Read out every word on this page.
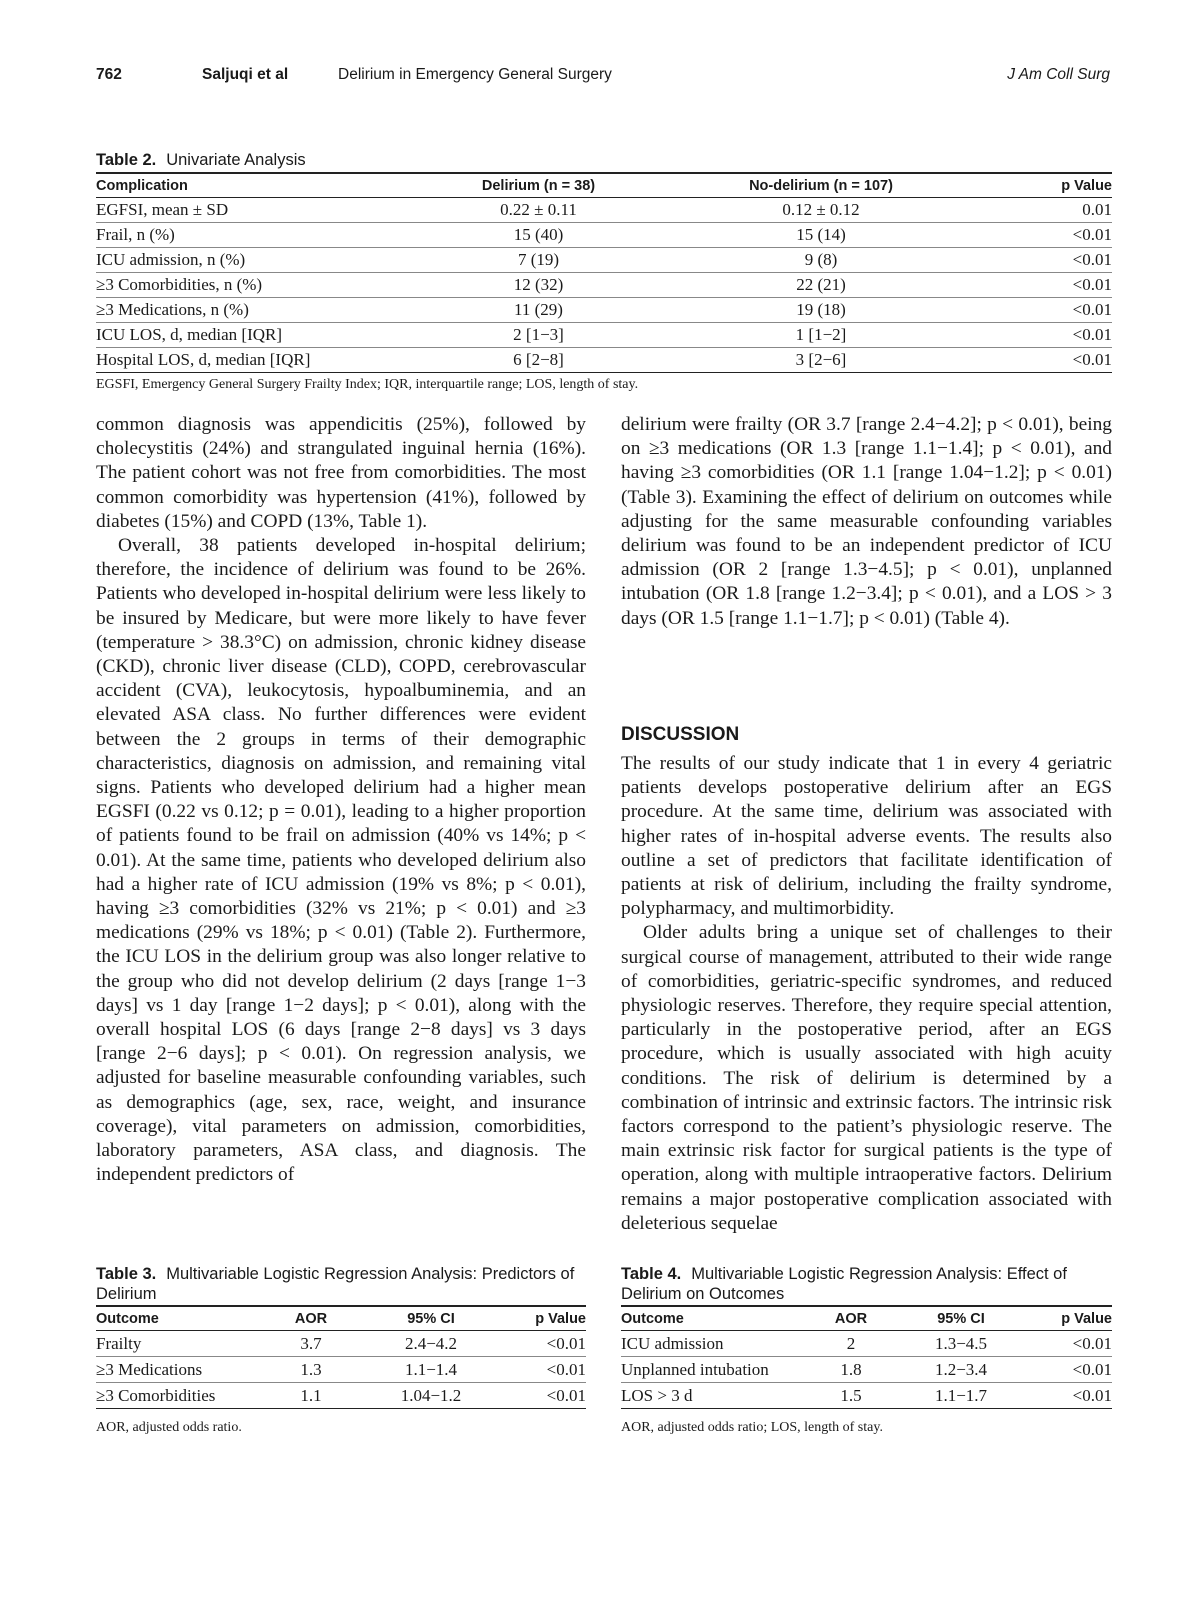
762	Saljuqi et al	Delirium in Emergency General Surgery	J Am Coll Surg
Table 2. Univariate Analysis
Complication	Delirium (n = 38)	No-delirium (n = 107)	p Value
EGFSI, mean ± SD	0.22 ± 0.11	0.12 ± 0.12	0.01
Frail, n (%)	15 (40)	15 (14)	<0.01
ICU admission, n (%)	7 (19)	9 (8)	<0.01
≥3 Comorbidities, n (%)	12 (32)	22 (21)	<0.01
≥3 Medications, n (%)	11 (29)	19 (18)	<0.01
ICU LOS, d, median [IQR]	2 [1−3]	1 [1−2]	<0.01
Hospital LOS, d, median [IQR]	6 [2−8]	3 [2−6]	<0.01
EGSFI, Emergency General Surgery Frailty Index; IQR, interquartile range; LOS, length of stay.

common diagnosis was appendicitis (25%), followed by cholecystitis (24%) and strangulated inguinal hernia (16%). The patient cohort was not free from comorbidities. The most common comorbidity was hypertension (41%), followed by diabetes (15%) and COPD (13%, Table 1).

Overall, 38 patients developed in-hospital delirium; therefore, the incidence of delirium was found to be 26%. Patients who developed in-hospital delirium were less likely to be insured by Medicare, but were more likely to have fever (temperature > 38.3°C) on admission, chronic kidney disease (CKD), chronic liver disease (CLD), COPD, cerebrovascular accident (CVA), leukocytosis, hypoalbuminemia, and an elevated ASA class. No further differences were evident between the 2 groups in terms of their demographic characteristics, diagnosis on admission, and remaining vital signs. Patients who developed delirium had a higher mean EGSFI (0.22 vs 0.12; p = 0.01), leading to a higher proportion of patients found to be frail on admission (40% vs 14%; p < 0.01). At the same time, patients who developed delirium also had a higher rate of ICU admission (19% vs 8%; p < 0.01), having ≥3 comorbidities (32% vs 21%; p < 0.01) and ≥3 medications (29% vs 18%; p < 0.01) (Table 2). Furthermore, the ICU LOS in the delirium group was also longer relative to the group who did not develop delirium (2 days [range 1−3 days] vs 1 day [range 1−2 days]; p < 0.01), along with the overall hospital LOS (6 days [range 2−8 days] vs 3 days [range 2−6 days]; p < 0.01). On regression analysis, we adjusted for baseline measurable confounding variables, such as demographics (age, sex, race, weight, and insurance coverage), vital parameters on admission, comorbidities, laboratory parameters, ASA class, and diagnosis. The independent predictors of

delirium were frailty (OR 3.7 [range 2.4−4.2]; p < 0.01), being on ≥3 medications (OR 1.3 [range 1.1−1.4]; p < 0.01), and having ≥3 comorbidities (OR 1.1 [range 1.04−1.2]; p < 0.01) (Table 3). Examining the effect of delirium on outcomes while adjusting for the same measurable confounding variables delirium was found to be an independent predictor of ICU admission (OR 2 [range 1.3−4.5]; p < 0.01), unplanned intubation (OR 1.8 [range 1.2−3.4]; p < 0.01), and a LOS > 3 days (OR 1.5 [range 1.1−1.7]; p < 0.01) (Table 4).

DISCUSSION

The results of our study indicate that 1 in every 4 geriatric patients develops postoperative delirium after an EGS procedure. At the same time, delirium was associated with higher rates of in-hospital adverse events. The results also outline a set of predictors that facilitate identification of patients at risk of delirium, including the frailty syndrome, polypharmacy, and multimorbidity.

Older adults bring a unique set of challenges to their surgical course of management, attributed to their wide range of comorbidities, geriatric-specific syndromes, and reduced physiologic reserves. Therefore, they require special attention, particularly in the postoperative period, after an EGS procedure, which is usually associated with high acuity conditions. The risk of delirium is determined by a combination of intrinsic and extrinsic factors. The intrinsic risk factors correspond to the patient’s physiologic reserve. The main extrinsic risk factor for surgical patients is the type of operation, along with multiple intraoperative factors. Delirium remains a major postoperative complication associated with deleterious sequelae

Table 3. Multivariable Logistic Regression Analysis: Predictors of Delirium
Outcome	AOR	95% CI	p Value
Frailty	3.7	2.4−4.2	<0.01
≥3 Medications	1.3	1.1−1.4	<0.01
≥3 Comorbidities	1.1	1.04−1.2	<0.01
AOR, adjusted odds ratio.
Table 4. Multivariable Logistic Regression Analysis: Effect of Delirium on Outcomes
Outcome	AOR	95% CI	p Value
ICU admission	2	1.3−4.5	<0.01
Unplanned intubation	1.8	1.2−3.4	<0.01
LOS > 3 d	1.5	1.1−1.7	<0.01
AOR, adjusted odds ratio; LOS, length of stay.
